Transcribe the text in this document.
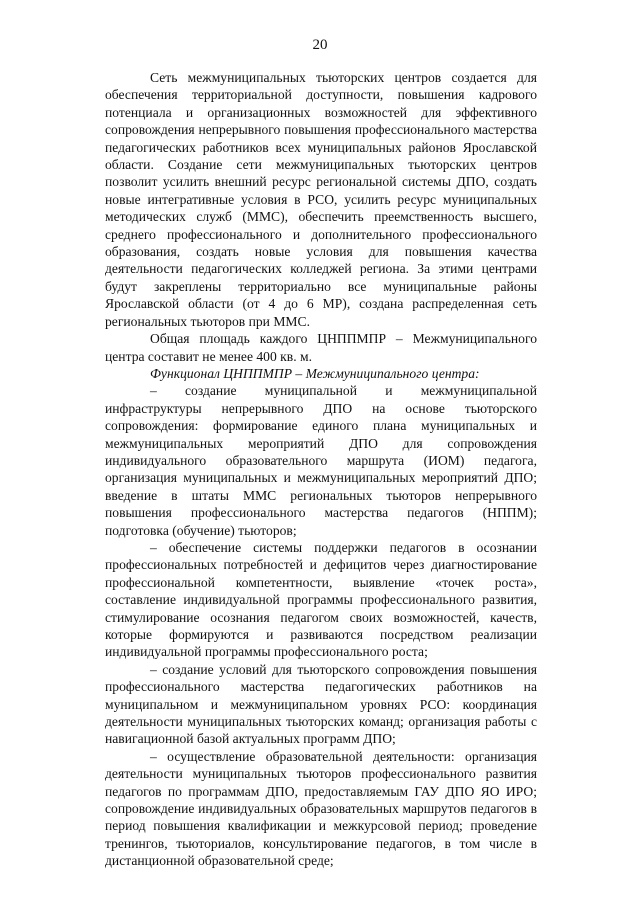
20

Сеть межмуниципальных тьюторских центров создается для обеспечения территориальной доступности, повышения кадрового потенциала и организационных возможностей для эффективного сопровождения непрерывного повышения профессионального мастерства педагогических работников всех муниципальных районов Ярославской области. Создание сети межмуниципальных тьюторских центров позволит усилить внешний ресурс региональной системы ДПО, создать новые интегративные условия в РСО, усилить ресурс муниципальных методических служб (ММС), обеспечить преемственность высшего, среднего профессионального и дополнительного профессионального образования, создать новые условия для повышения качества деятельности педагогических колледжей региона. За этими центрами будут закреплены территориально все муниципальные районы Ярославской области (от 4 до 6 МР), создана распределенная сеть региональных тьюторов при ММС.

Общая площадь каждого ЦНППМПР – Межмуниципального центра составит не менее 400 кв. м.

Функционал ЦНППМПР – Межмуниципального центра:

– создание муниципальной и межмуниципальной инфраструктуры непрерывного ДПО на основе тьюторского сопровождения: формирование единого плана муниципальных и межмуниципальных мероприятий ДПО для сопровождения индивидуального образовательного маршрута (ИОМ) педагога, организация муниципальных и межмуниципальных мероприятий ДПО; введение в штаты ММС региональных тьюторов непрерывного повышения профессионального мастерства педагогов (НППМ); подготовка (обучение) тьюторов;

– обеспечение системы поддержки педагогов в осознании профессиональных потребностей и дефицитов через диагностирование профессиональной компетентности, выявление «точек роста», составление индивидуальной программы профессионального развития, стимулирование осознания педагогом своих возможностей, качеств, которые формируются и развиваются посредством реализации индивидуальной программы профессионального роста;

– создание условий для тьюторского сопровождения повышения профессионального мастерства педагогических работников на муниципальном и межмуниципальном уровнях РСО: координация деятельности муниципальных тьюторских команд; организация работы с навигационной базой актуальных программ ДПО;

– осуществление образовательной деятельности: организация деятельности муниципальных тьюторов профессионального развития педагогов по программам ДПО, предоставляемым ГАУ ДПО ЯО ИРО; сопровождение индивидуальных образовательных маршрутов педагогов в период повышения квалификации и межкурсовой период; проведение тренингов, тьюториалов, консультирование педагогов, в том числе в дистанционной образовательной среде;
